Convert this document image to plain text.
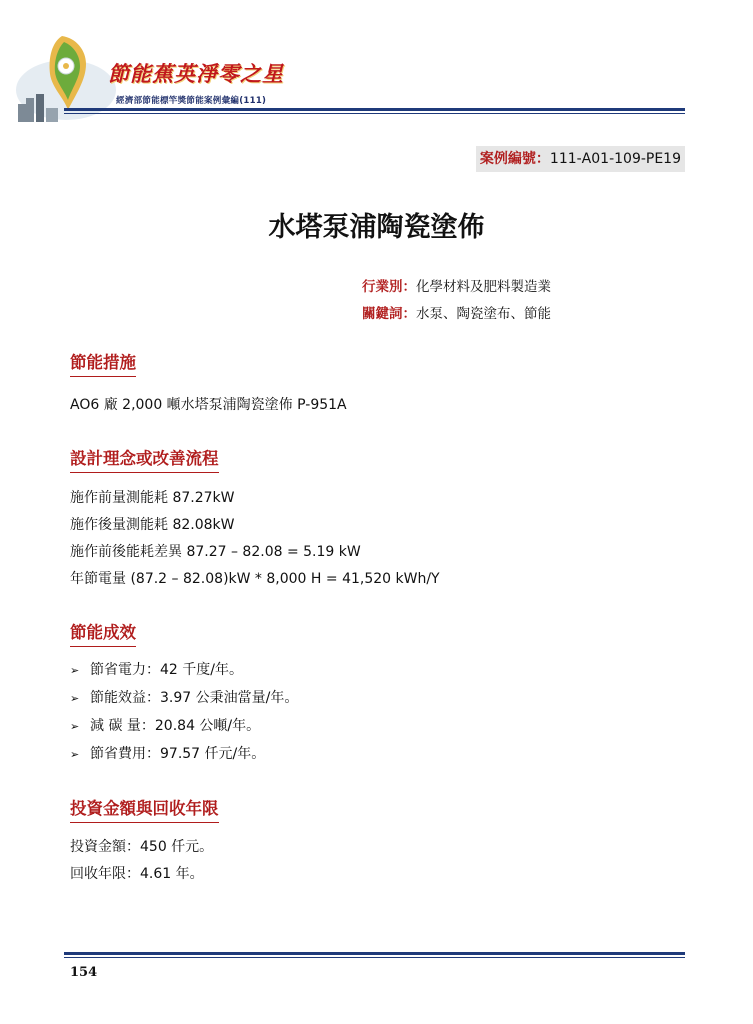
節能蕉英淨零之星
經濟部節能標竿獎節能案例彙編(111)
案例編號：111-A01-109-PE19
水塔泵浦陶瓷塗佈
行業別：化學材料及肥料製造業
關鍵詞：水泵、陶瓷塗布、節能
節能措施
AO6 廠 2,000 噸水塔泵浦陶瓷塗佈 P-951A
設計理念或改善流程
施作前量測能耗 87.27kW
施作後量測能耗 82.08kW
施作前後能耗差異 87.27 – 82.08 = 5.19 kW
年節電量 (87.2 – 82.08)kW * 8,000 H = 41,520 kWh/Y
節能成效
➢ 節省電力：42 千度/年。
➢ 節能效益：3.97 公秉油當量/年。
➢ 減 碳 量：20.84 公噸/年。
➢ 節省費用：97.57 仟元/年。
投資金額與回收年限
投資金額：450 仟元。
回收年限：4.61 年。
154
